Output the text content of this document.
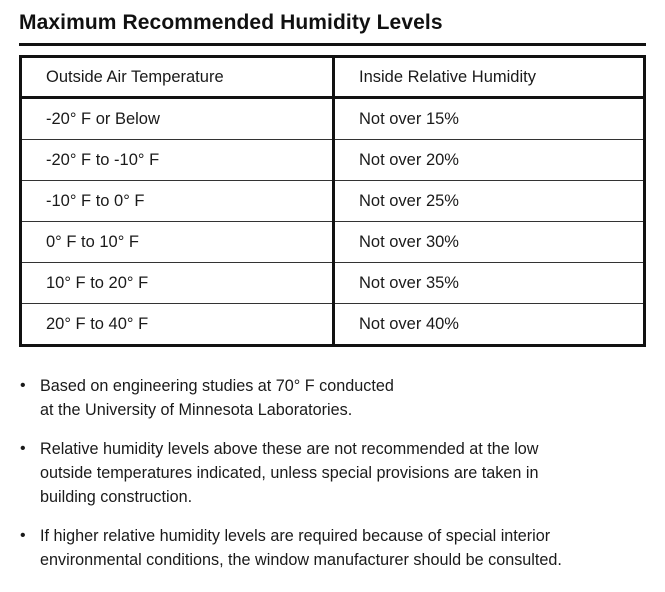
Maximum Recommended Humidity Levels
Outside Air Temperature	Inside Relative Humidity
-20° F or Below	Not over 15%
-20° F to -10° F	Not over 20%
-10° F to 0° F	Not over 25%
0° F to 10° F	Not over 30%
10° F to 20° F	Not over 35%
20° F to 40° F	Not over 40%
• Based on engineering studies at 70° F conducted
at the University of Minnesota Laboratories.
• Relative humidity levels above these are not recommended at the low
outside temperatures indicated, unless special provisions are taken in
building construction.
• If higher relative humidity levels are required because of special interior
environmental conditions, the window manufacturer should be consulted.
